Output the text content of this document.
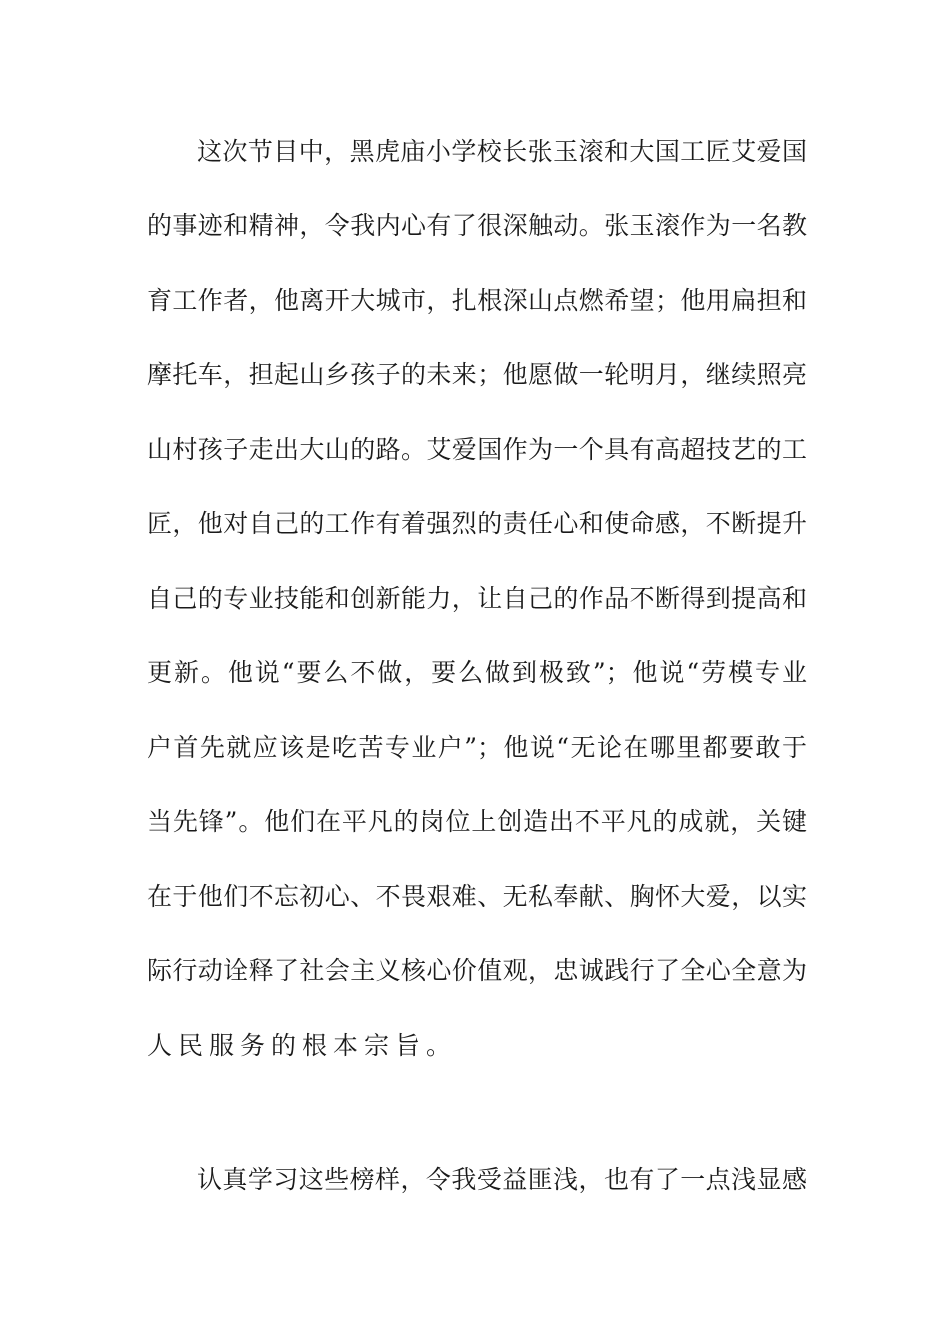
这次节目中，黑虎庙小学校长张玉滚和大国工匠艾爱国

的事迹和精神，令我内心有了很深触动。张玉滚作为一名教

育工作者，他离开大城市，扎根深山点燃希望；他用扁担和

摩托车，担起山乡孩子的未来；他愿做一轮明月，继续照亮

山村孩子走出大山的路。艾爱国作为一个具有高超技艺的工

匠，他对自己的工作有着强烈的责任心和使命感，不断提升

自己的专业技能和创新能力，让自己的作品不断得到提高和

更新。他说“要么不做，要么做到极致”；他说“劳模专业

户首先就应该是吃苦专业户”；他说“无论在哪里都要敢于

当先锋”。他们在平凡的岗位上创造出不平凡的成就，关键

在于他们不忘初心、不畏艰难、无私奉献、胸怀大爱，以实

际行动诠释了社会主义核心价值观，忠诚践行了全心全意为

人民服务的根本宗旨。

认真学习这些榜样，令我受益匪浅，也有了一点浅显感
